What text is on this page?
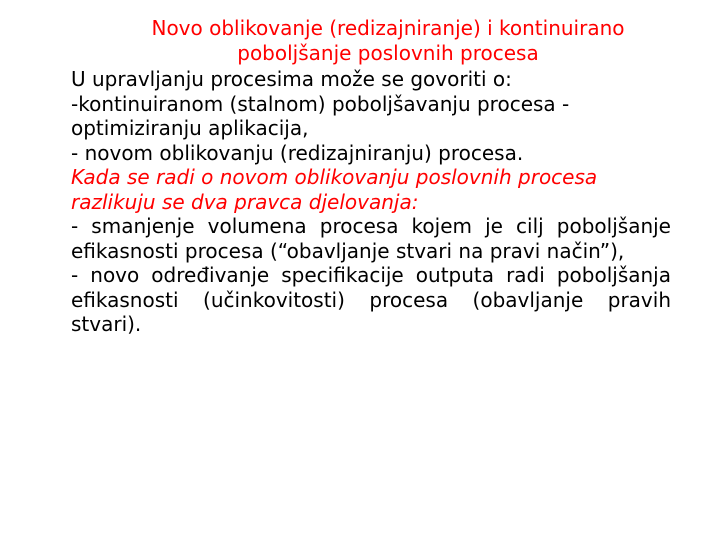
Novo oblikovanje (redizajniranje) i kontinuirano poboljšanje poslovnih procesa

U upravljanju procesima može se govoriti o:

-kontinuiranom (stalnom) poboljšavanju procesa - optimiziranju aplikacija,

- novom oblikovanju (redizajniranju) procesa.

Kada se radi o novom oblikovanju poslovnih procesa razlikuju se dva pravca djelovanja:

- smanjenje volumena procesa kojem je cilj poboljšanje efikasnosti procesa (“obavljanje stvari na pravi način”),

- novo određivanje specifikacije outputa radi poboljšanja efikasnosti (učinkovitosti) procesa (obavljanje pravih stvari).
